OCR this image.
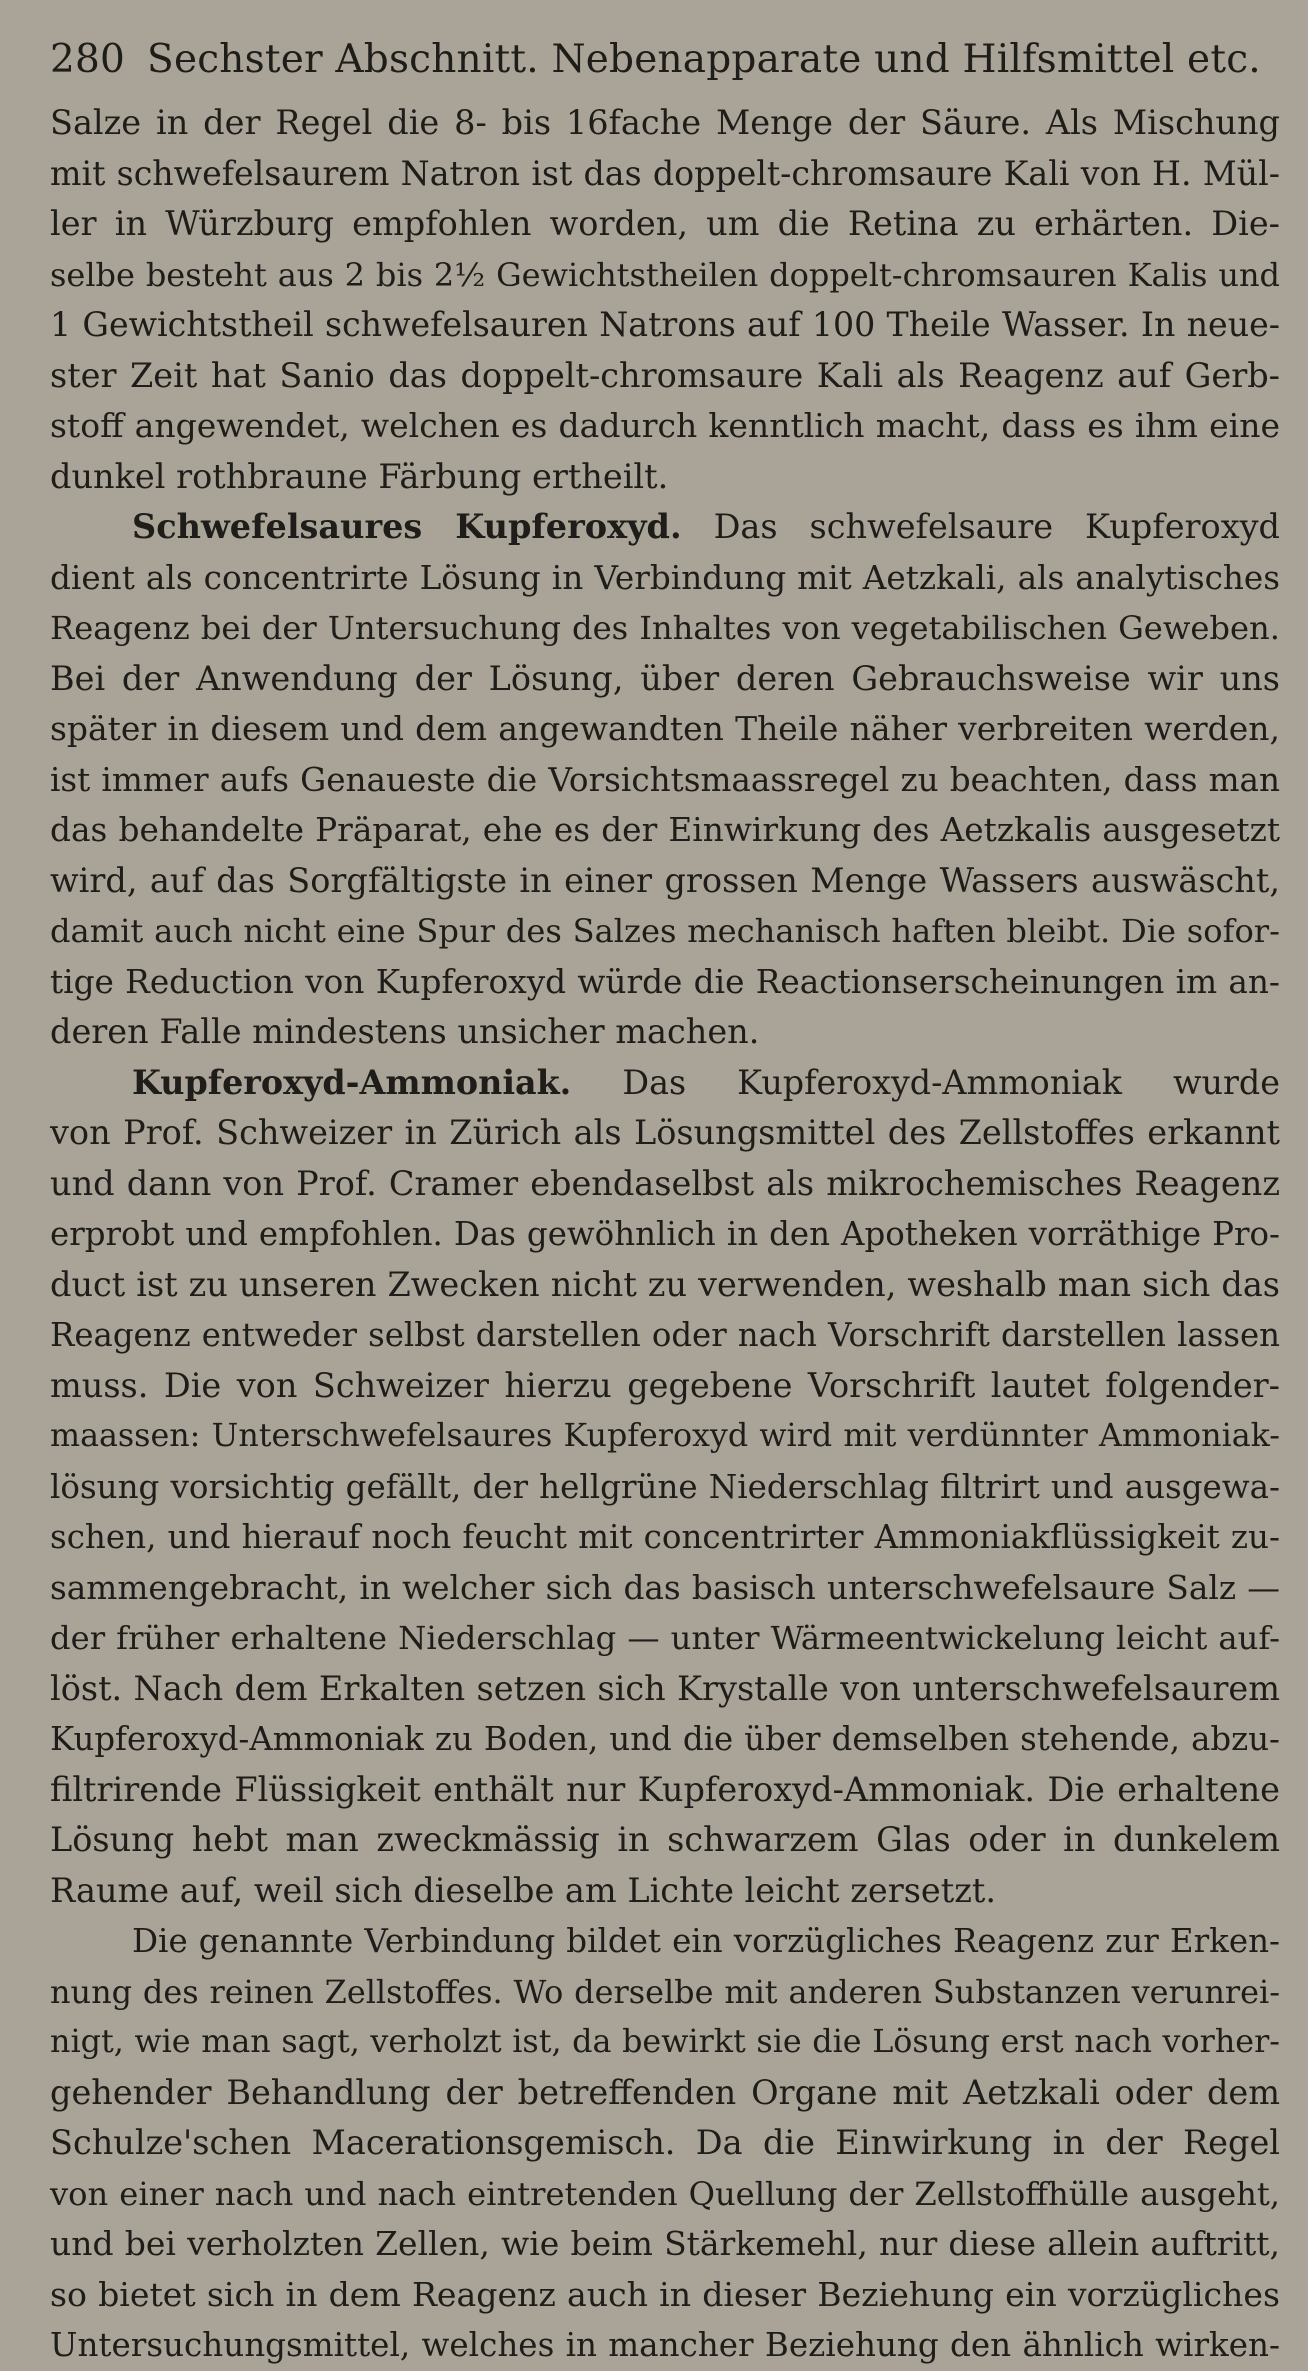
280 Sechster Abschnitt. Nebenapparate und Hilfsmittel etc.
Salze in der Regel die 8- bis 16fache Menge der Säure. Als Mischung
mit schwefelsaurem Natron ist das doppelt-chromsaure Kali von H. Mül-
ler in Würzburg empfohlen worden, um die Retina zu erhärten. Die-
selbe besteht aus 2 bis 2½ Gewichtstheilen doppelt-chromsauren Kalis und
1 Gewichtstheil schwefelsauren Natrons auf 100 Theile Wasser. In neue-
ster Zeit hat Sanio das doppelt-chromsaure Kali als Reagenz auf Gerb-
stoff angewendet, welchen es dadurch kenntlich macht, dass es ihm eine
dunkel rothbraune Färbung ertheilt.
Schwefelsaures Kupferoxyd. Das schwefelsaure Kupferoxyd
dient als concentrirte Lösung in Verbindung mit Aetzkali, als analytisches
Reagenz bei der Untersuchung des Inhaltes von vegetabilischen Geweben.
Bei der Anwendung der Lösung, über deren Gebrauchsweise wir uns
später in diesem und dem angewandten Theile näher verbreiten werden,
ist immer aufs Genaueste die Vorsichtsmaassregel zu beachten, dass man
das behandelte Präparat, ehe es der Einwirkung des Aetzkalis ausgesetzt
wird, auf das Sorgfältigste in einer grossen Menge Wassers auswäscht,
damit auch nicht eine Spur des Salzes mechanisch haften bleibt. Die sofor-
tige Reduction von Kupferoxyd würde die Reactionserscheinungen im an-
deren Falle mindestens unsicher machen.
Kupferoxyd-Ammoniak. Das Kupferoxyd-Ammoniak wurde
von Prof. Schweizer in Zürich als Lösungsmittel des Zellstoffes erkannt
und dann von Prof. Cramer ebendaselbst als mikrochemisches Reagenz
erprobt und empfohlen. Das gewöhnlich in den Apotheken vorräthige Pro-
duct ist zu unseren Zwecken nicht zu verwenden, weshalb man sich das
Reagenz entweder selbst darstellen oder nach Vorschrift darstellen lassen
muss. Die von Schweizer hierzu gegebene Vorschrift lautet folgender-
maassen: Unterschwefelsaures Kupferoxyd wird mit verdünnter Ammoniak-
lösung vorsichtig gefällt, der hellgrüne Niederschlag filtrirt und ausgewa-
schen, und hierauf noch feucht mit concentrirter Ammoniakflüssigkeit zu-
sammengebracht, in welcher sich das basisch unterschwefelsaure Salz —
der früher erhaltene Niederschlag — unter Wärmeentwickelung leicht auf-
löst. Nach dem Erkalten setzen sich Krystalle von unterschwefelsaurem
Kupferoxyd-Ammoniak zu Boden, und die über demselben stehende, abzu-
filtrirende Flüssigkeit enthält nur Kupferoxyd-Ammoniak. Die erhaltene
Lösung hebt man zweckmässig in schwarzem Glas oder in dunkelem
Raume auf, weil sich dieselbe am Lichte leicht zersetzt.
Die genannte Verbindung bildet ein vorzügliches Reagenz zur Erken-
nung des reinen Zellstoffes. Wo derselbe mit anderen Substanzen verunrei-
nigt, wie man sagt, verholzt ist, da bewirkt sie die Lösung erst nach vorher-
gehender Behandlung der betreffenden Organe mit Aetzkali oder dem
Schulze'schen Macerationsgemisch. Da die Einwirkung in der Regel
von einer nach und nach eintretenden Quellung der Zellstoffhülle ausgeht,
und bei verholzten Zellen, wie beim Stärkemehl, nur diese allein auftritt,
so bietet sich in dem Reagenz auch in dieser Beziehung ein vorzügliches
Untersuchungsmittel, welches in mancher Beziehung den ähnlich wirken-
